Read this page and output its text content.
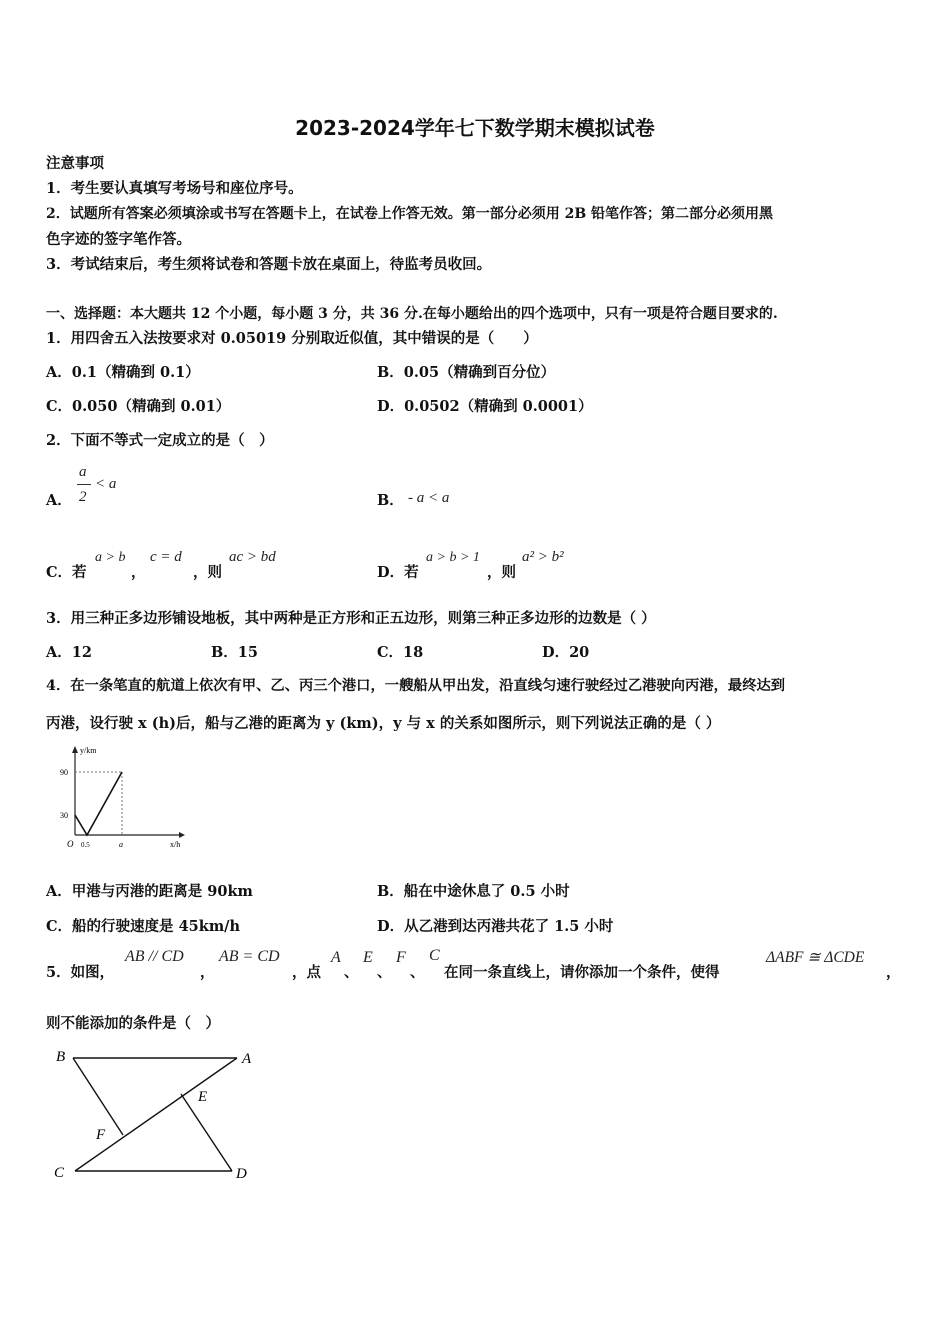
2023-2024学年七下数学期末模拟试卷
注意事项
1．考生要认真填写考场号和座位序号。
2．试题所有答案必须填涂或书写在答题卡上，在试卷上作答无效。第一部分必须用 2B 铅笔作答；第二部分必须用黑
色字迹的签字笔作答。
3．考试结束后，考生须将试卷和答题卡放在桌面上，待监考员收回。
一、选择题：本大题共 12 个小题，每小题 3 分，共 36 分.在每小题给出的四个选项中，只有一项是符合题目要求的.
1．用四舍五入法按要求对 0.05019 分别取近似值，其中错误的是（　　）
A．0.1（精确到 0.1）	B．0.05（精确到百分位）
C．0.050（精确到 0.01）	D．0.0502（精确到 0.0001）
2．下面不等式一定成立的是（　）
A．
a
2
< a
B． - a < a
C．若
a > b
，
c = d
，则
ac > bd
D．若
a > b > 1
，则
a² > b²
3．用三种正多边形铺设地板，其中两种是正方形和正五边形，则第三种正多边形的边数是（ ）
A．12	B．15	C．18	D．20
4．在一条笔直的航道上依次有甲、乙、丙三个港口，一艘船从甲出发，沿直线匀速行驶经过乙港驶向丙港，最终达到
丙港，设行驶 x (h)后，船与乙港的距离为 y (km)，y 与 x 的关系如图所示，则下列说法正确的是（ ）
y/km
x/h
O
90
30
0.5	a
A．甲港与丙港的距离是 90km	B．船在中途休息了 0.5 小时
C．船的行驶速度是 45km/h	D．从乙港到达丙港共花了 1.5 小时
5．如图，
AB // CD
，
AB = CD
，点
A
、
E
、
F
、
C
在同一条直线上，请你添加一个条件，使得
ΔABF ≅ ΔCDE
，
则不能添加的条件是（　）
B	A
E
F
C	D
